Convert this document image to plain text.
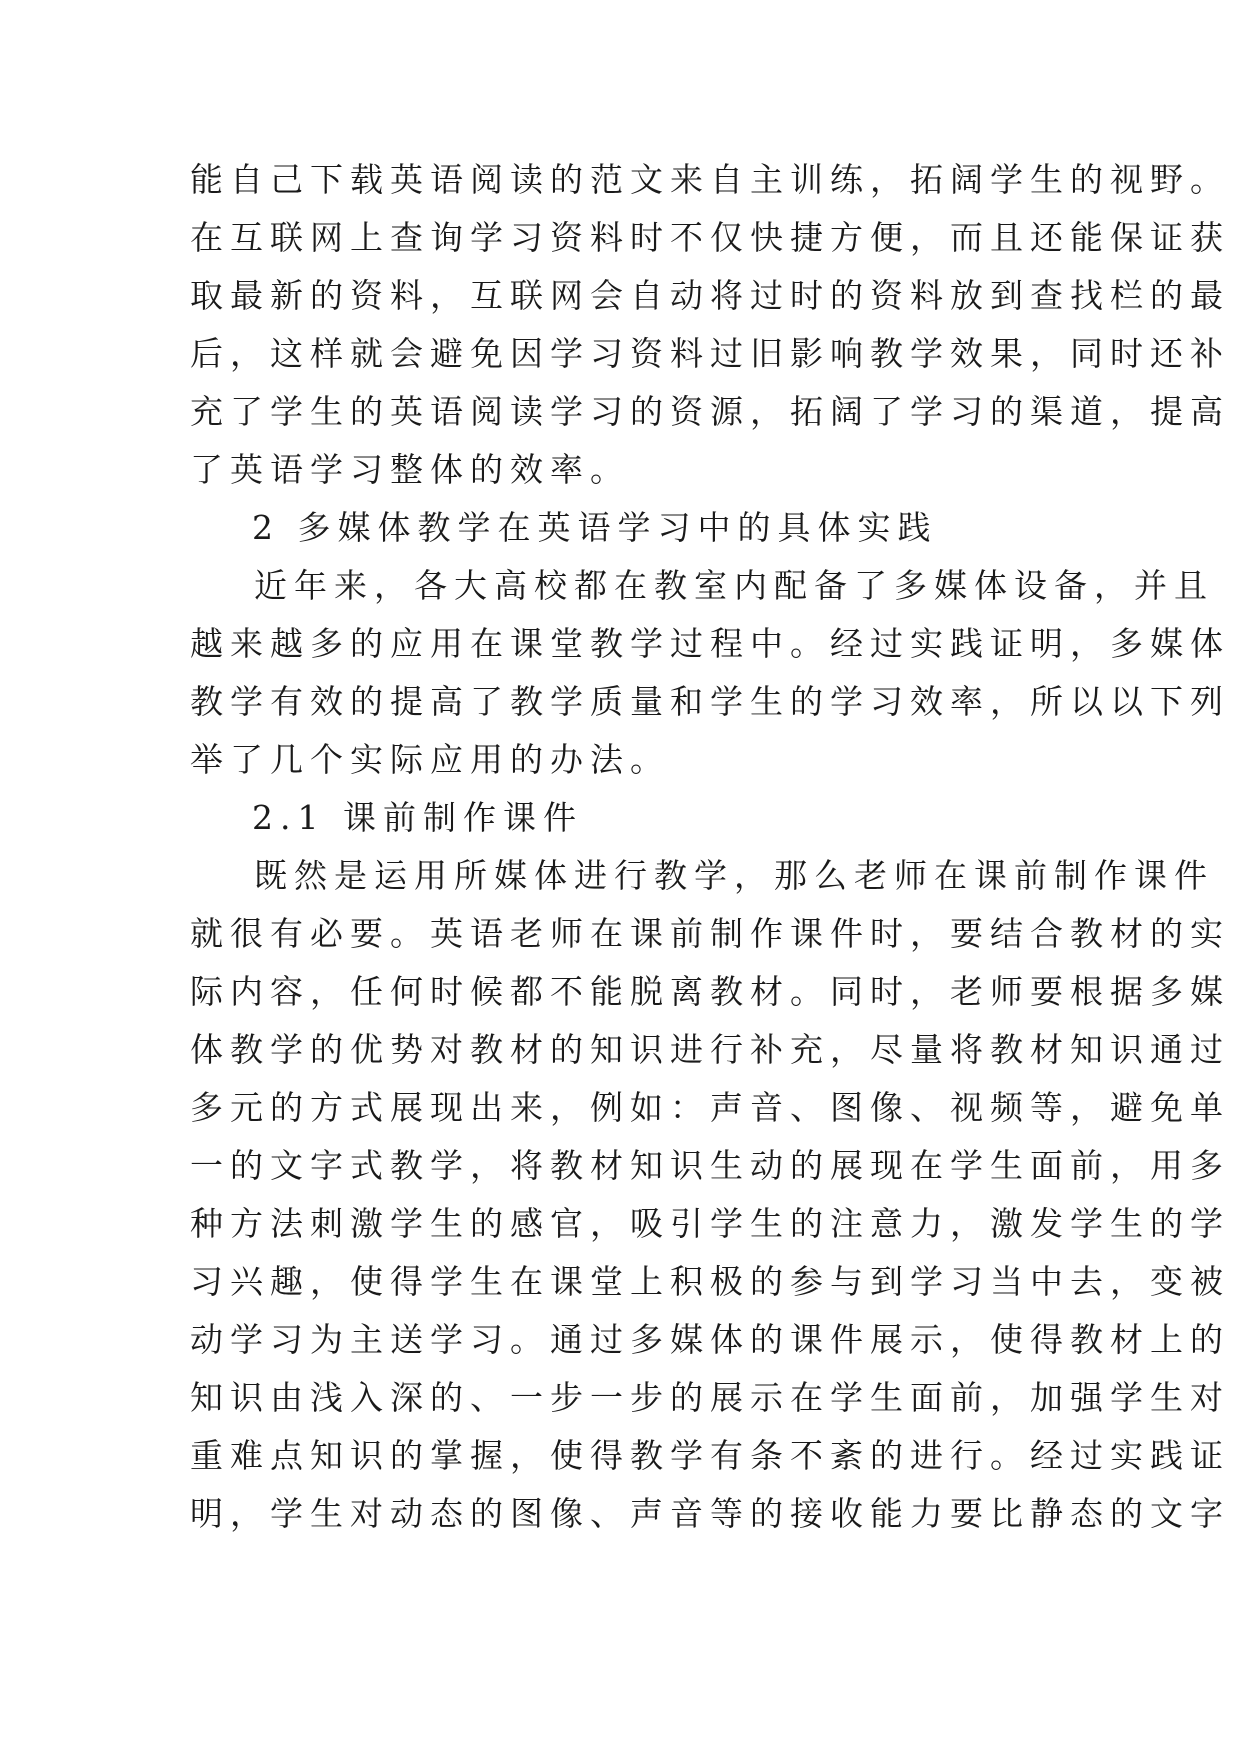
能自己下载英语阅读的范文来自主训练，拓阔学生的视野。
在互联网上查询学习资料时不仅快捷方便，而且还能保证获
取最新的资料，互联网会自动将过时的资料放到查找栏的最
后，这样就会避免因学习资料过旧影响教学效果，同时还补
充了学生的英语阅读学习的资源，拓阔了学习的渠道，提高
了英语学习整体的效率。
2 多媒体教学在英语学习中的具体实践
近年来，各大高校都在教室内配备了多媒体设备，并且
越来越多的应用在课堂教学过程中。经过实践证明，多媒体
教学有效的提高了教学质量和学生的学习效率，所以以下列
举了几个实际应用的办法。
2.1 课前制作课件
既然是运用所媒体进行教学，那么老师在课前制作课件
就很有必要。英语老师在课前制作课件时，要结合教材的实
际内容，任何时候都不能脱离教材。同时，老师要根据多媒
体教学的优势对教材的知识进行补充，尽量将教材知识通过
多元的方式展现出来，例如：声音、图像、视频等，避免单
一的文字式教学，将教材知识生动的展现在学生面前，用多
种方法刺激学生的感官，吸引学生的注意力，激发学生的学
习兴趣，使得学生在课堂上积极的参与到学习当中去，变被
动学习为主送学习。通过多媒体的课件展示，使得教材上的
知识由浅入深的、一步一步的展示在学生面前，加强学生对
重难点知识的掌握，使得教学有条不紊的进行。经过实践证
明，学生对动态的图像、声音等的接收能力要比静态的文字
